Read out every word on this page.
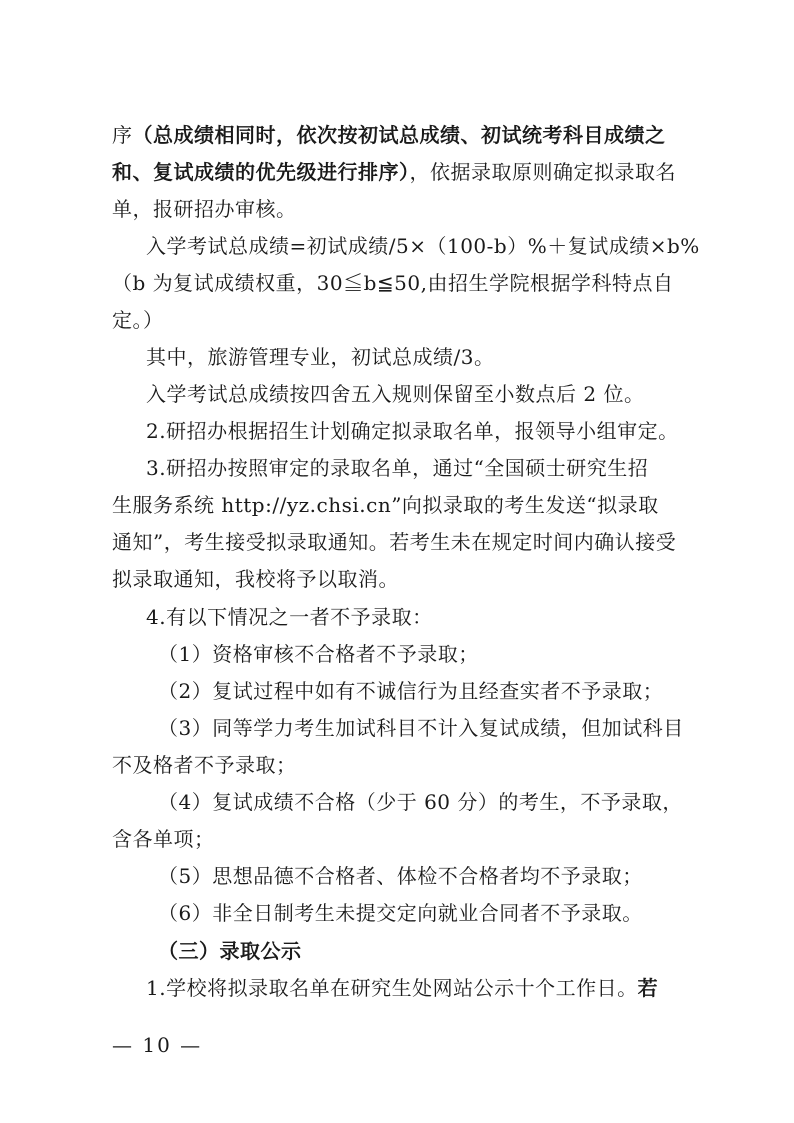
序（总成绩相同时，依次按初试总成绩、初试统考科目成绩之
和、复试成绩的优先级进行排序），依据录取原则确定拟录取名
单，报研招办审核。
入学考试总成绩=初试成绩/5×（100-b）%＋复试成绩×b%
（b 为复试成绩权重，30≦b≦50,由招生学院根据学科特点自
定。）
其中，旅游管理专业，初试总成绩/3。
入学考试总成绩按四舍五入规则保留至小数点后 2 位。
2.研招办根据招生计划确定拟录取名单，报领导小组审定。
3.研招办按照审定的录取名单，通过“全国硕士研究生招
生服务系统 http://yz.chsi.cn”向拟录取的考生发送“拟录取
通知”，考生接受拟录取通知。若考生未在规定时间内确认接受
拟录取通知，我校将予以取消。
4.有以下情况之一者不予录取：
（1）资格审核不合格者不予录取；
（2）复试过程中如有不诚信行为且经查实者不予录取；
（3）同等学力考生加试科目不计入复试成绩，但加试科目
不及格者不予录取；
（4）复试成绩不合格（少于 60 分）的考生，不予录取，
含各单项；
（5）思想品德不合格者、体检不合格者均不予录取；
（6）非全日制考生未提交定向就业合同者不予录取。
（三）录取公示
1.学校将拟录取名单在研究生处网站公示十个工作日。若
— 10 —
